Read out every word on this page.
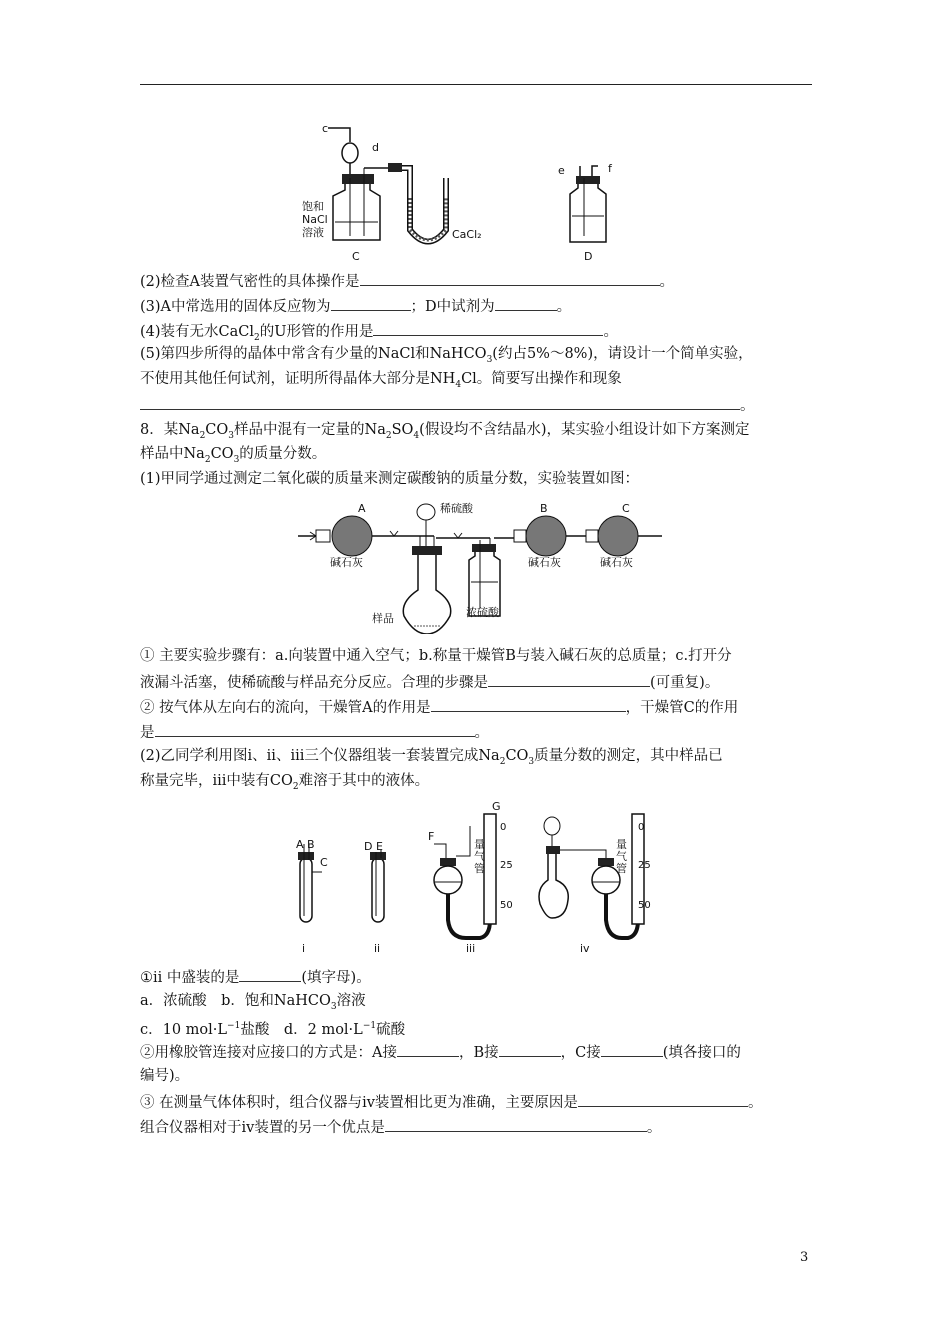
c
d
饱和
NaCl
溶液	CaCl₂
C
e	f
D
(2)检查A装置气密性的具体操作是	。
(3)A中常选用的固体反应物为	；D中试剂为	。
(4)装有无水CaCl$_2$的U形管的作用是	。
(5)第四步所得的晶体中常含有少量的NaCl和NaHCO$_3$(约占5%～8%)，请设计一个简单实验，
不使用其他任何试剂，证明所得晶体大部分是$NH_4Cl$。简要写出操作和现象
。
8．某$Na_2CO_3$样品中混有一定量的$Na_2SO_4$(假设均不含结晶水)，某实验小组设计如下方案测定
样品中$Na_2CO_3$的质量分数。
(1)甲同学通过测定二氧化碳的质量来测定碳酸钠的质量分数，实验装置如图：
A	稀硫酸	B	C
碱石灰	碱石灰	碱石灰
样品	浓硫酸
① 主要实验步骤有：a.向装置中通入空气；b.称量干燥管B与装入碱石灰的总质量；c.打开分
液漏斗活塞，使稀硫酸与样品充分反应。合理的步骤是	(可重复)。
② 按气体从左向右的流向，干燥管A的作用是	，干燥管C的作用
是	。
(2)乙同学利用图ⅰ、ⅱ、ⅲ三个仪器组装一套装置完成$Na_2CO_3$质量分数的测定，其中样品已
称量完毕，ⅲ中装有$CO_2$难溶于其中的液体。
A B
C
i
D E
ii
F
G
量
气
管
0
25
50
iii
量
气
管
0
25
50
iv
①ⅱ 中盛装的是	(填字母)。
a．浓硫酸　b．饱和NaHCO$_3$溶液
c．10 $mol\cdot L^{-1}$盐酸　d．2 $mol\cdot L^{-1}$硫酸
②用橡胶管连接对应接口的方式是：A接	，B接	，C接	(填各接口的
编号)。
③ 在测量气体体积时，组合仪器与ⅳ装置相比更为准确，主要原因是	。
组合仪器相对于ⅳ装置的另一个优点是	。
3
